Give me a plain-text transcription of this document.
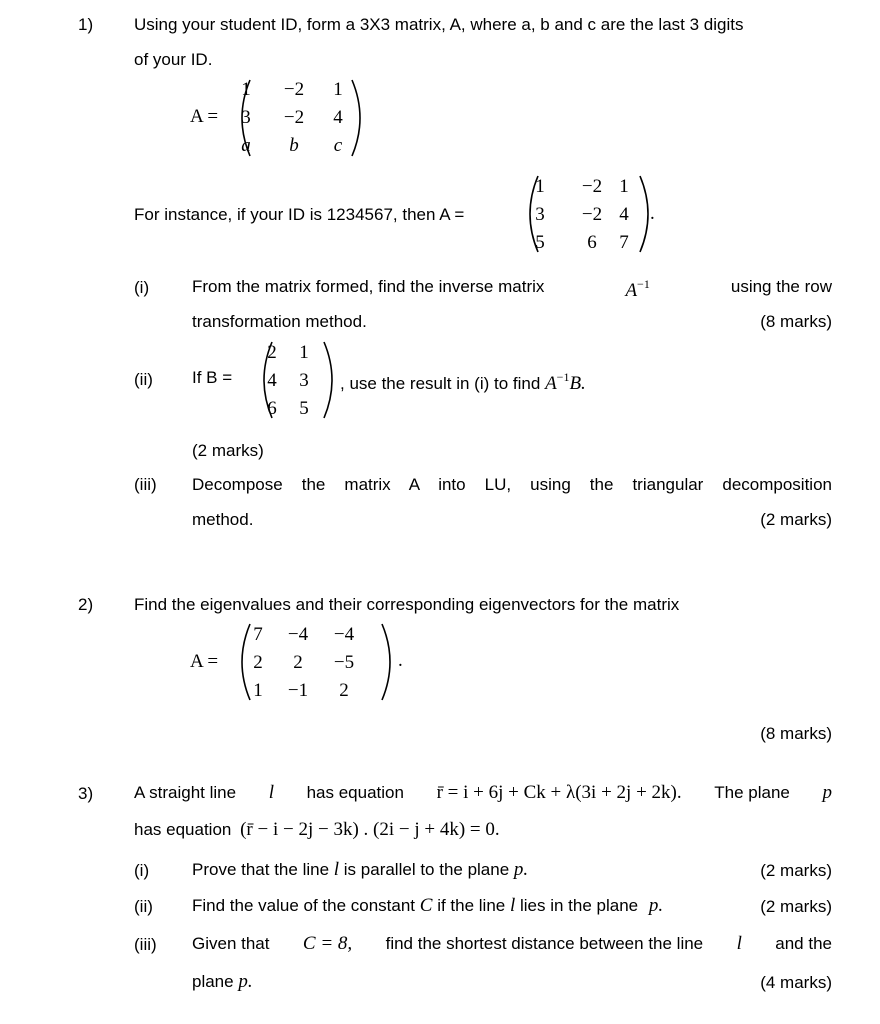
1) Using your student ID, form a 3X3 matrix, A, where a, b and c are the last 3 digits
of your ID.
A =
1	−2	1
3	−2	4
a	b	c
For instance, if your ID is 1234567, then A =
1	−2 1
3	−2 4
5	6	7
.
(i)	From the matrix formed, find the inverse matrix	$A^{-1}$	using the row
transformation method.	(8 marks)
(ii) If B =
2	1
4	3
6	5
, use the result in (i) to find $A^{-1}B$.
(2 marks)
(iii) Decompose the matrix A into LU, using the triangular decomposition
method.	(2 marks)
2) Find the eigenvalues and their corresponding eigenvectors for the matrix
A =
7	−4 −4
2	2	−5
1	−1	2
.
(8 marks)
3) A straight line l has equation r̄ = i + 6j + Ck + λ(3i + 2j + 2k). The plane p
has equation (r̄ − i − 2j − 3k) . (2i − j + 4k) = 0.
(i)	Prove that the line l is parallel to the plane p.	(2 marks)
(ii) Find the value of the constant C if the line l lies in the plane p.	(2 marks)
(iii) Given that C = 8, find the shortest distance between the line l and the
plane p.	(4 marks)
